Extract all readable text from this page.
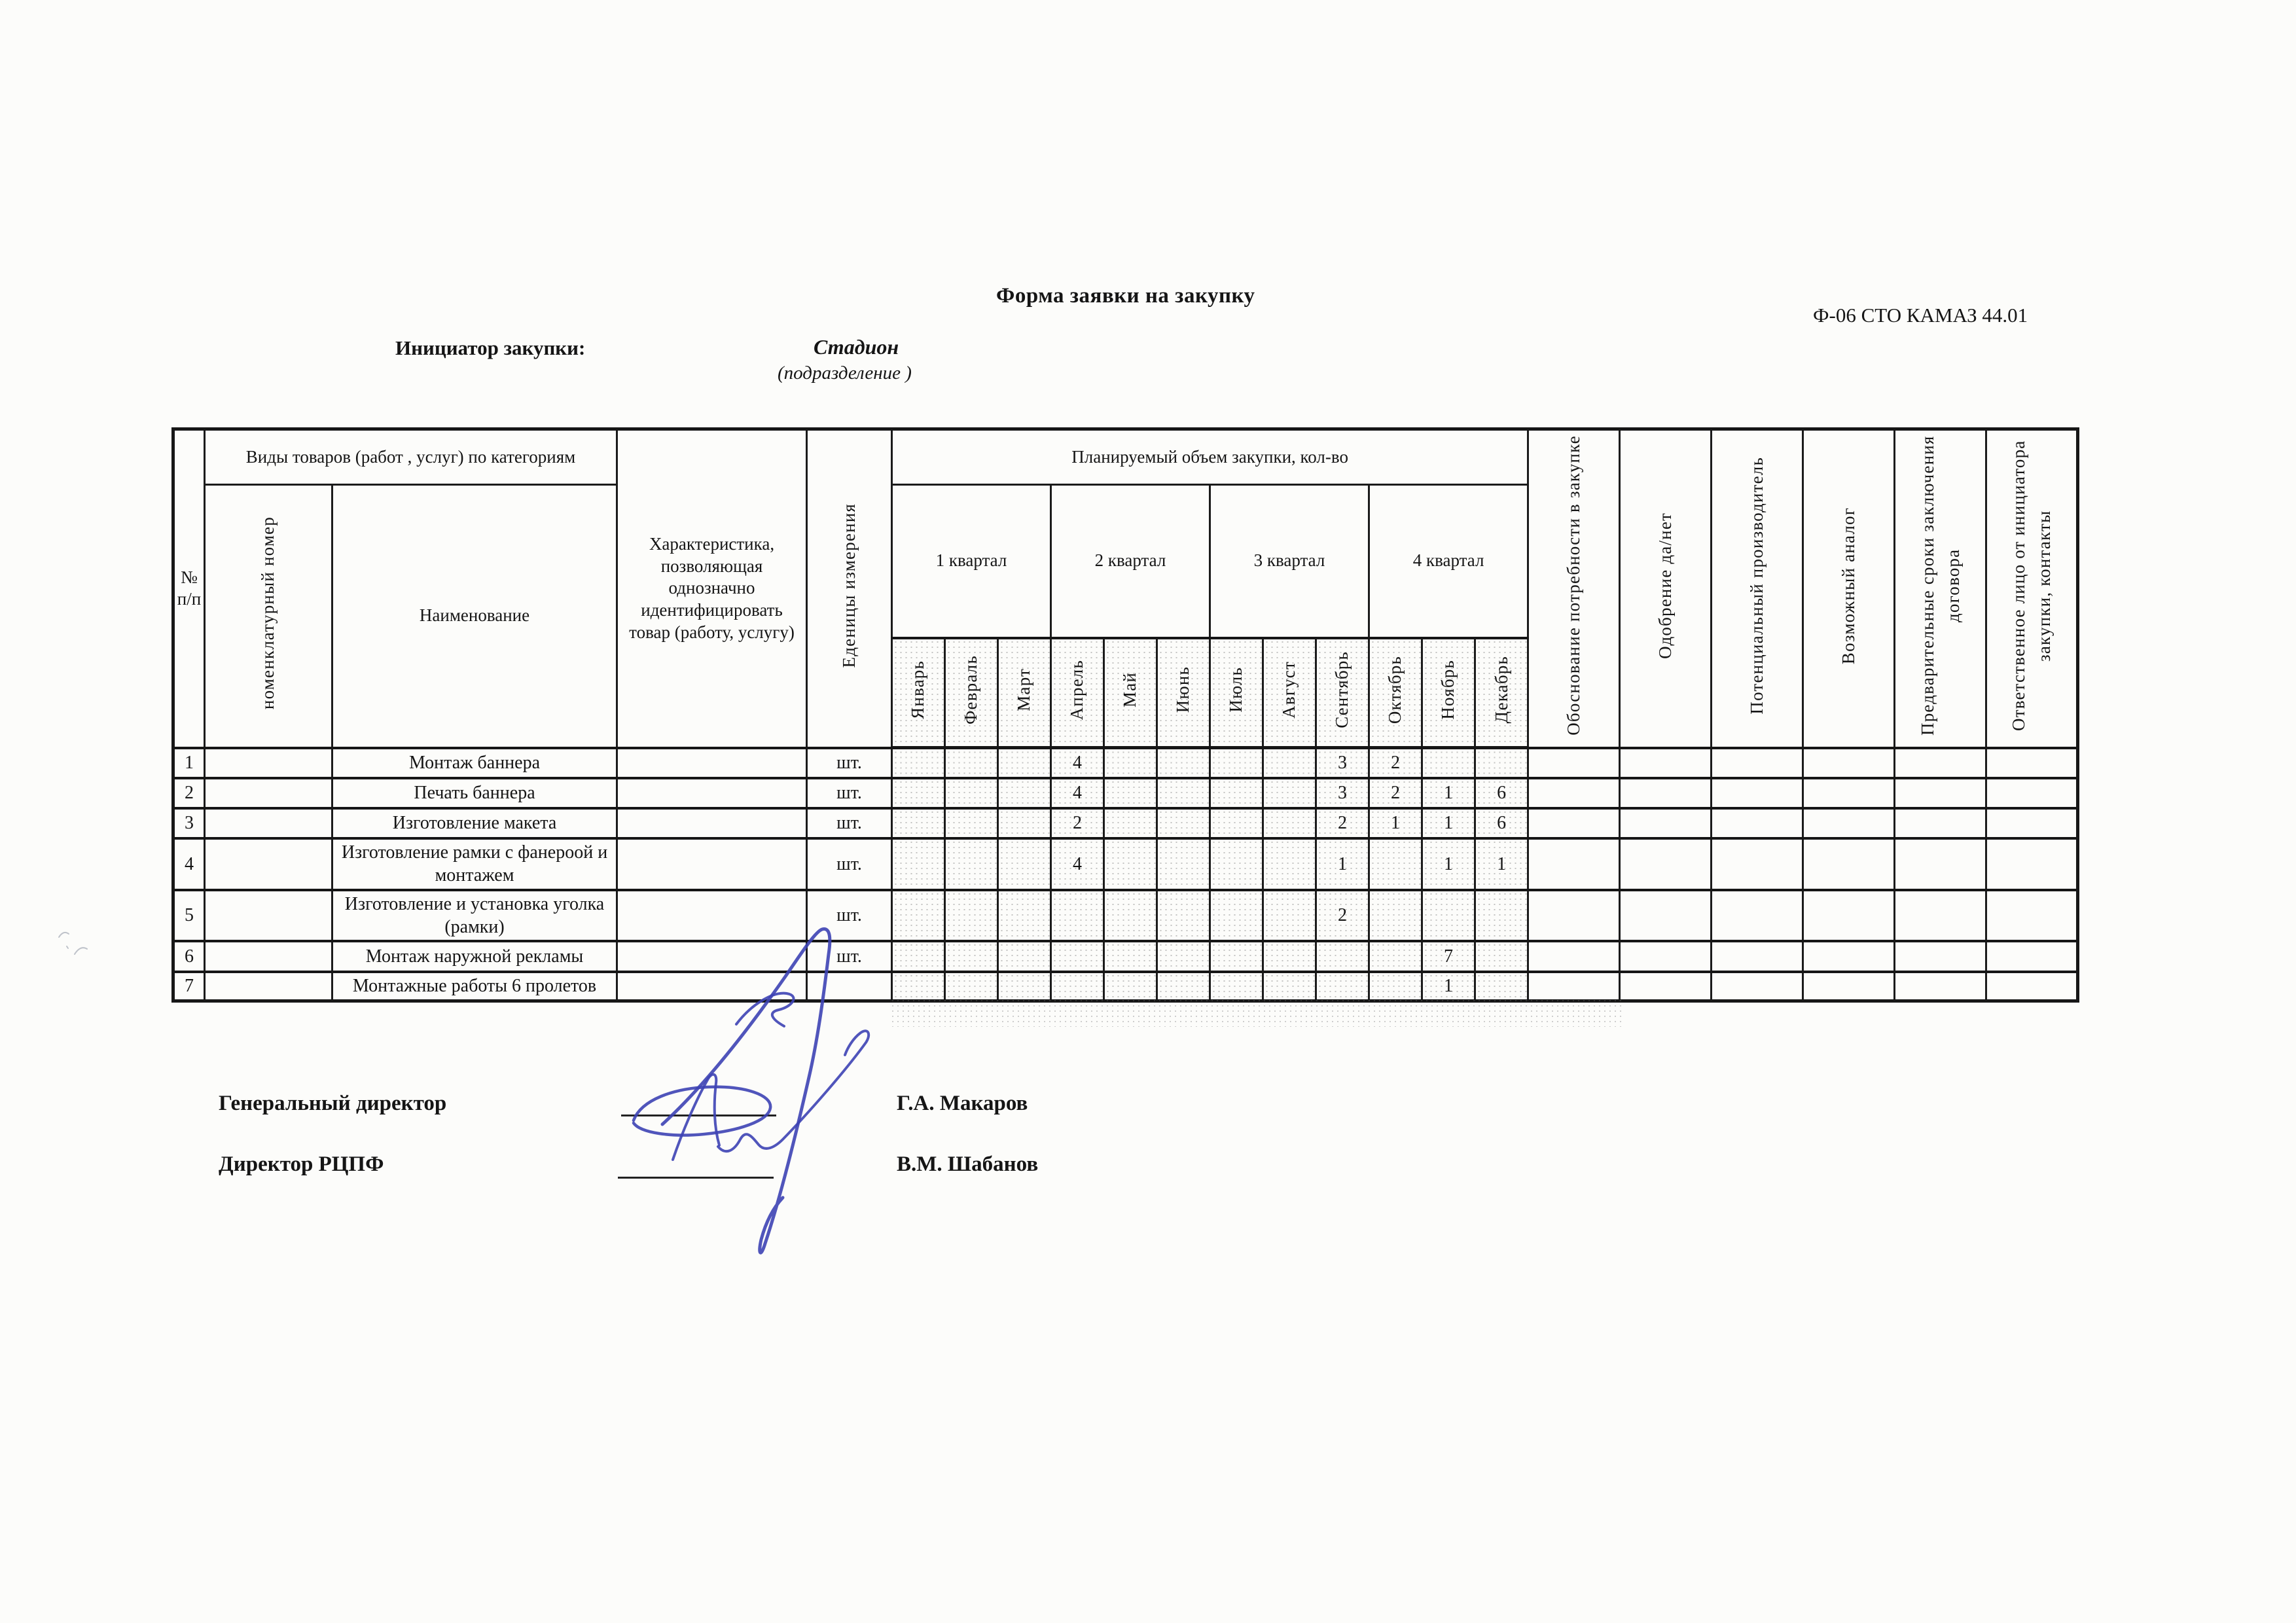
Форма заявки на закупку
Ф-06 СТО КАМАЗ 44.01
Инициатор закупки:	Стадион
(подразделение )
№ п/п	Виды товаров (работ , услуг) по категориям		Характеристика, позволяющая однозначно идентифицировать товар (работу, услугу)	Еденицы измерения	Планируемый объем закупки, кол-во												Обоснование потребности в закупке	Одобрение да/нет	Потенциальный производитель	Возможный аналог	Предварительные сроки заключения договора	Ответственное лицо от инициатора закупки, контакты
	номенклатурный номер	Наименование			1 квартал			2 квартал			3 квартал			4 квартал								
					Январь	Февраль	Март	Апрель	Май	Июнь	Июль	Август	Сентябрь	Октябрь	Ноябрь	Декабрь						
1		Монтаж баннера		шт.				4					3	2								
2		Печать баннера		шт.				4					3	2	1	6						
3		Изготовление макета		шт.				2					2	1	1	6						
4		Изготовление рамки с фанероой и монтажем		шт.				4					1		1	1						
5		Изготовление и установка уголка (рамки)		шт.									2									
6		Монтаж наружной рекламы		шт.											7							
7		Монтажные работы 6 пролетов													1							
Генеральный директор	Г.А. Макаров
Директор РЦПФ	В.М. Шабанов
